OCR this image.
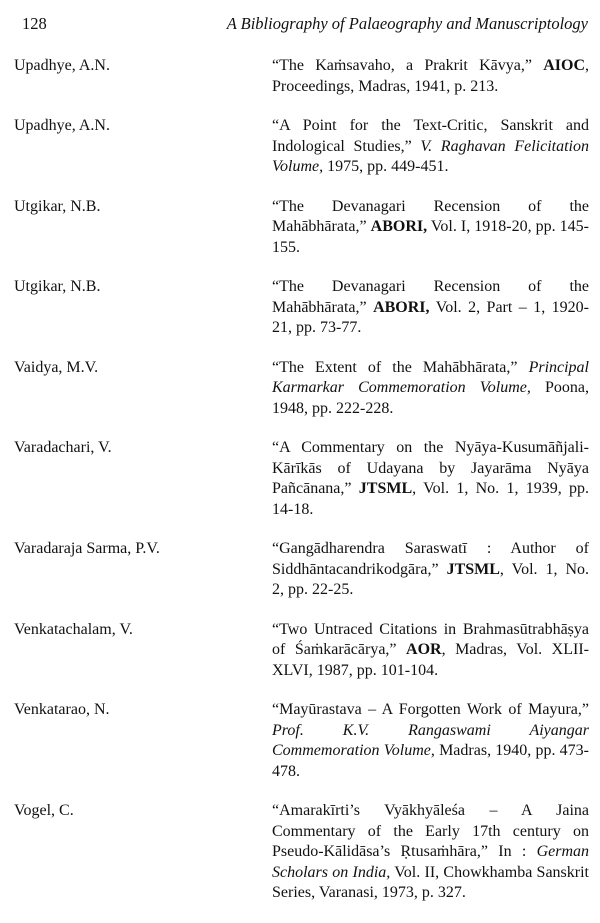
128	A Bibliography of Palaeography and Manuscriptology
Upadhye, A.N.	“The Kaṁsavaho, a Prakrit Kāvya,” AIOC, Proceedings, Madras, 1941, p. 213.
Upadhye, A.N.	“A Point for the Text-Critic, Sanskrit and Indological Studies,” V. Raghavan Felicitation Volume, 1975, pp. 449-451.
Utgikar, N.B.	“The Devanagari Recension of the Mahābhārata,” ABORI, Vol. I, 1918-20, pp. 145-155.
Utgikar, N.B.	“The Devanagari Recension of the Mahābhārata,” ABORI, Vol. 2, Part – 1, 1920-21, pp. 73-77.
Vaidya, M.V.	“The Extent of the Mahābhārata,” Principal Karmarkar Commemoration Volume, Poona, 1948, pp. 222-228.
Varadachari, V.	“A Commentary on the Nyāya-Kusumāñjali-Kārīkās of Udayana by Jayarāma Nyāya Pañcānana,” JTSML, Vol. 1, No. 1, 1939, pp. 14-18.
Varadaraja Sarma, P.V.	“Gangādharendra Saraswatī : Author of Siddhāntacandrikodgāra,” JTSML, Vol. 1, No. 2, pp. 22-25.
Venkatachalam, V.	“Two Untraced Citations in Brahmasūtrabhāṣya of Śaṁkarācārya,” AOR, Madras, Vol. XLII-XLVI, 1987, pp. 101-104.
Venkatarao, N.	“Mayūrastava – A Forgotten Work of Mayura,” Prof. K.V. Rangaswami Aiyangar Commemoration Volume, Madras, 1940, pp. 473-478.
Vogel, C.	“Amarakīrti’s Vyākhyāleśa – A Jaina Commentary of the Early 17th century on Pseudo-Kālidāsa’s Ṛtusaṁhāra,” In : German Scholars on India, Vol. II, Chowkhamba Sanskrit Series, Varanasi, 1973, p. 327.
